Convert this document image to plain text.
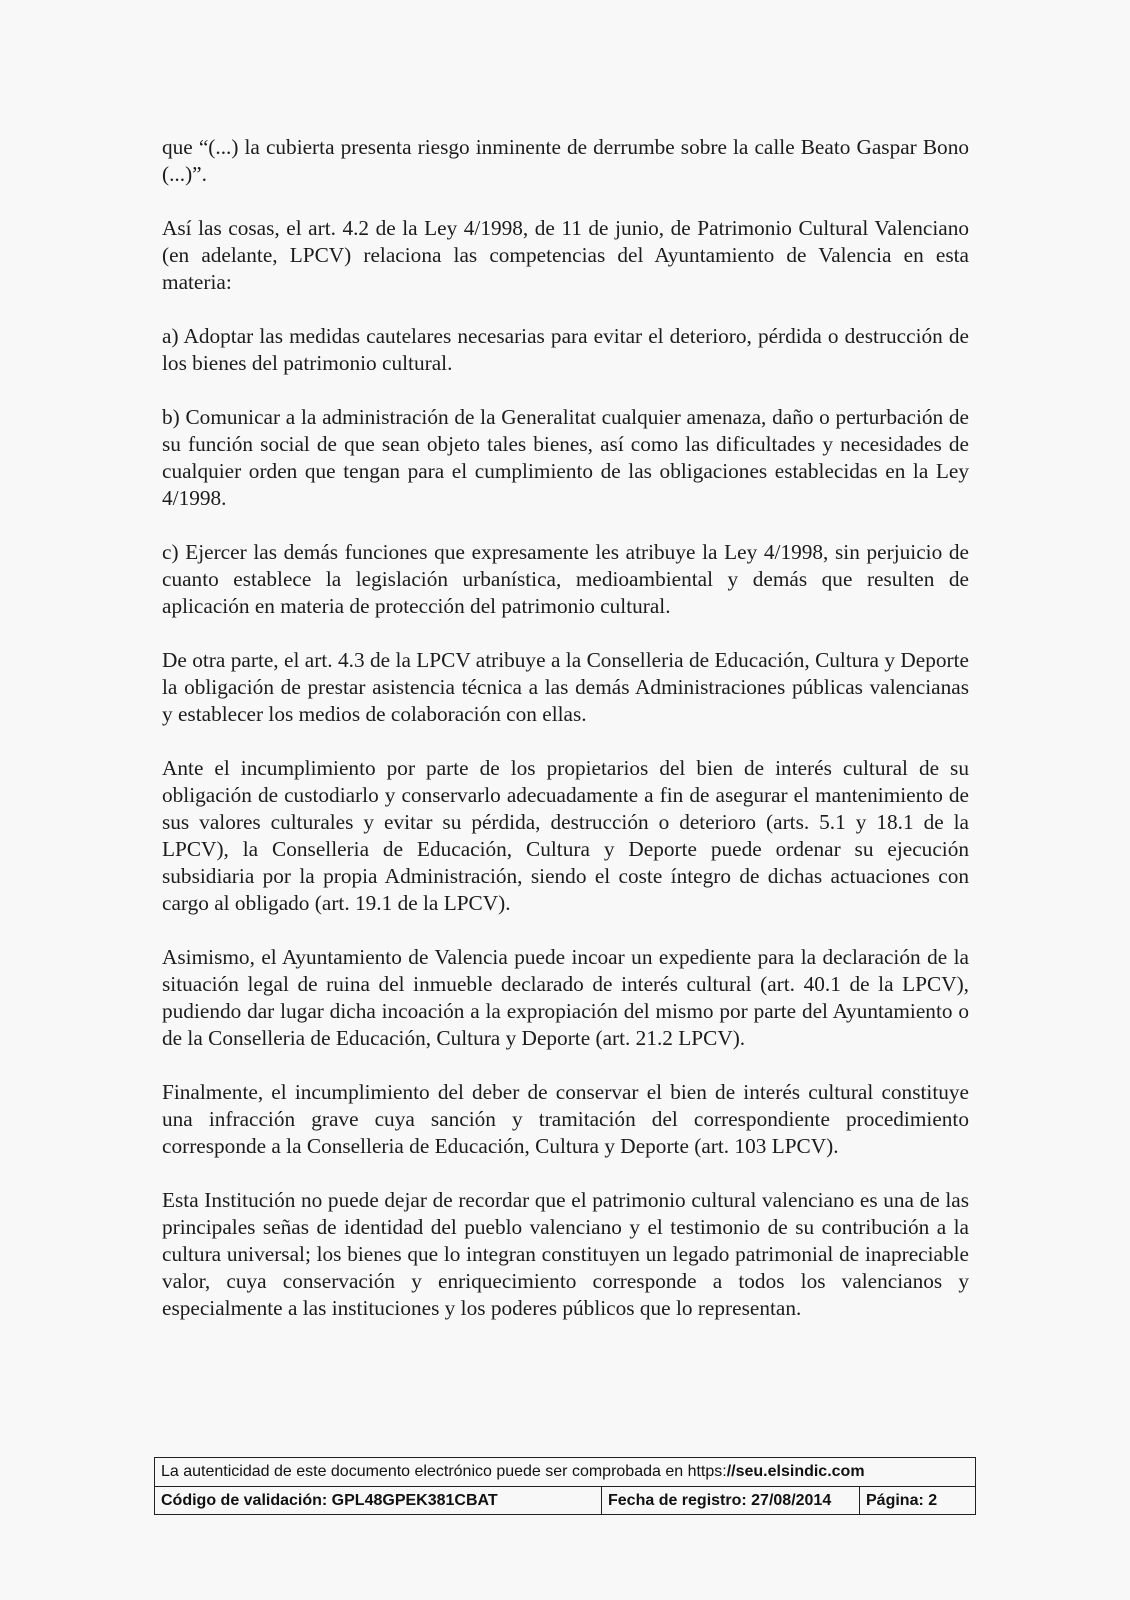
que “(...) la cubierta presenta riesgo inminente de derrumbe sobre la calle Beato Gaspar Bono (...)”.

Así las cosas, el art. 4.2 de la Ley 4/1998, de 11 de junio, de Patrimonio Cultural Valenciano (en adelante, LPCV) relaciona las competencias del Ayuntamiento de Valencia en esta materia:

a) Adoptar las medidas cautelares necesarias para evitar el deterioro, pérdida o destrucción de los bienes del patrimonio cultural.

b) Comunicar a la administración de la Generalitat cualquier amenaza, daño o perturbación de su función social de que sean objeto tales bienes, así como las dificultades y necesidades de cualquier orden que tengan para el cumplimiento de las obligaciones establecidas en la Ley 4/1998.

c) Ejercer las demás funciones que expresamente les atribuye la Ley 4/1998, sin perjuicio de cuanto establece la legislación urbanística, medioambiental y demás que resulten de aplicación en materia de protección del patrimonio cultural.

De otra parte, el art. 4.3 de la LPCV atribuye a la Conselleria de Educación, Cultura y Deporte la obligación de prestar asistencia técnica a las demás Administraciones públicas valencianas y establecer los medios de colaboración con ellas.

Ante el incumplimiento por parte de los propietarios del bien de interés cultural de su obligación de custodiarlo y conservarlo adecuadamente a fin de asegurar el mantenimiento de sus valores culturales y evitar su pérdida, destrucción o deterioro (arts. 5.1 y 18.1 de la LPCV), la Conselleria de Educación, Cultura y Deporte puede ordenar su ejecución subsidiaria por la propia Administración, siendo el coste íntegro de dichas actuaciones con cargo al obligado (art. 19.1 de la LPCV).

Asimismo, el Ayuntamiento de Valencia puede incoar un expediente para la declaración de la situación legal de ruina del inmueble declarado de interés cultural (art. 40.1 de la LPCV), pudiendo dar lugar dicha incoación a la expropiación del mismo por parte del Ayuntamiento o de la Conselleria de Educación, Cultura y Deporte (art. 21.2 LPCV).

Finalmente, el incumplimiento del deber de conservar el bien de interés cultural constituye una infracción grave cuya sanción y tramitación del correspondiente procedimiento corresponde a la Conselleria de Educación, Cultura y Deporte (art. 103 LPCV).

Esta Institución no puede dejar de recordar que el patrimonio cultural valenciano es una de las principales señas de identidad del pueblo valenciano y el testimonio de su contribución a la cultura universal; los bienes que lo integran constituyen un legado patrimonial de inapreciable valor, cuya conservación y enriquecimiento corresponde a todos los valencianos y especialmente a las instituciones y los poderes públicos que lo representan.

La autenticidad de este documento electrónico puede ser comprobada en https://seu.elsindic.com
Código de validación: GPL48GPEK381CBAT	Fecha de registro: 27/08/2014	Página: 2
